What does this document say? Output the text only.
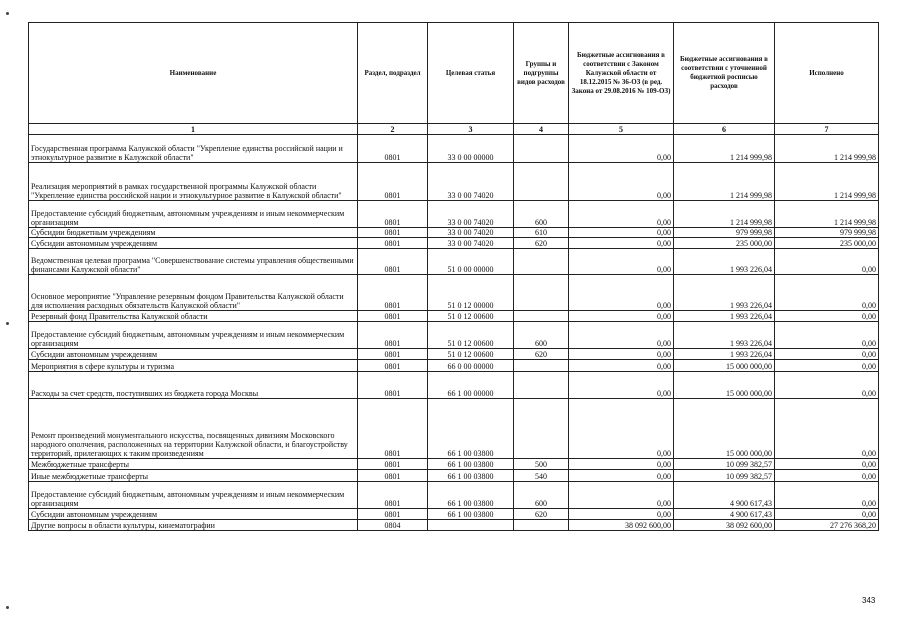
Наименование	Раздел, подраздел	Целевая статья	Группы и подгруппы видов расходов	Бюджетные ассигнования в соответствии с Законом Калужской области от 18.12.2015 № 36-ОЗ (в ред. Закона от 29.08.2016 № 109-ОЗ)	Бюджетные ассигнования в соответствии с уточненной бюджетной росписью расходов	Исполнено
1	2	3	4	5	6	7
Государственная программа Калужской области "Укрепление единства российской нации и этнокультурное развитие в Калужской области"	0801	33 0 00 00000		0,00	1 214 999,98	1 214 999,98
Реализация мероприятий в рамках государственной программы Калужской области "Укрепление единства российской нации и этнокультурное развитие в Калужской области"	0801	33 0 00 74020		0,00	1 214 999,98	1 214 999,98
Предоставление субсидий бюджетным, автономным учреждениям и иным некоммерческим организациям	0801	33 0 00 74020	600	0,00	1 214 999,98	1 214 999,98
Субсидии бюджетным учреждениям	0801	33 0 00 74020	610	0,00	979 999,98	979 999,98
Субсидии автономным учреждениям	0801	33 0 00 74020	620	0,00	235 000,00	235 000,00
Ведомственная целевая программа "Совершенствование системы управления общественными финансами Калужской области"	0801	51 0 00 00000		0,00	1 993 226,04	0,00
Основное мероприятие "Управление резервным фондом Правительства Калужской области для исполнения расходных обязательств Калужской области"	0801	51 0 12 00000		0,00	1 993 226,04	0,00
Резервный фонд Правительства Калужской области	0801	51 0 12 00600		0,00	1 993 226,04	0,00
Предоставление субсидий бюджетным, автономным учреждениям и иным некоммерческим организациям	0801	51 0 12 00600	600	0,00	1 993 226,04	0,00
Субсидии автономным учреждениям	0801	51 0 12 00600	620	0,00	1 993 226,04	0,00
Мероприятия в сфере культуры и туризма	0801	66 0 00 00000		0,00	15 000 000,00	0,00
Расходы за счет средств, поступивших из бюджета города Москвы	0801	66 1 00 00000		0,00	15 000 000,00	0,00
Ремонт произведений монументального искусства, посвященных дивизиям Московского народного ополчения, расположенных на территории Калужской области, и благоустройству территорий, прилегающих к таким произведениям	0801	66 1 00 03800		0,00	15 000 000,00	0,00
Межбюджетные трансферты	0801	66 1 00 03800	500	0,00	10 099 382,57	0,00
Иные межбюджетные трансферты	0801	66 1 00 03800	540	0,00	10 099 382,57	0,00
Предоставление субсидий бюджетным, автономным учреждениям и иным некоммерческим организациям	0801	66 1 00 03800	600	0,00	4 900 617,43	0,00
Субсидии автономным учреждениям	0801	66 1 00 03800	620	0,00	4 900 617,43	0,00
Другие вопросы в области культуры, кинематографии	0804			38 092 600,00	38 092 600,00	27 276 368,20
343
